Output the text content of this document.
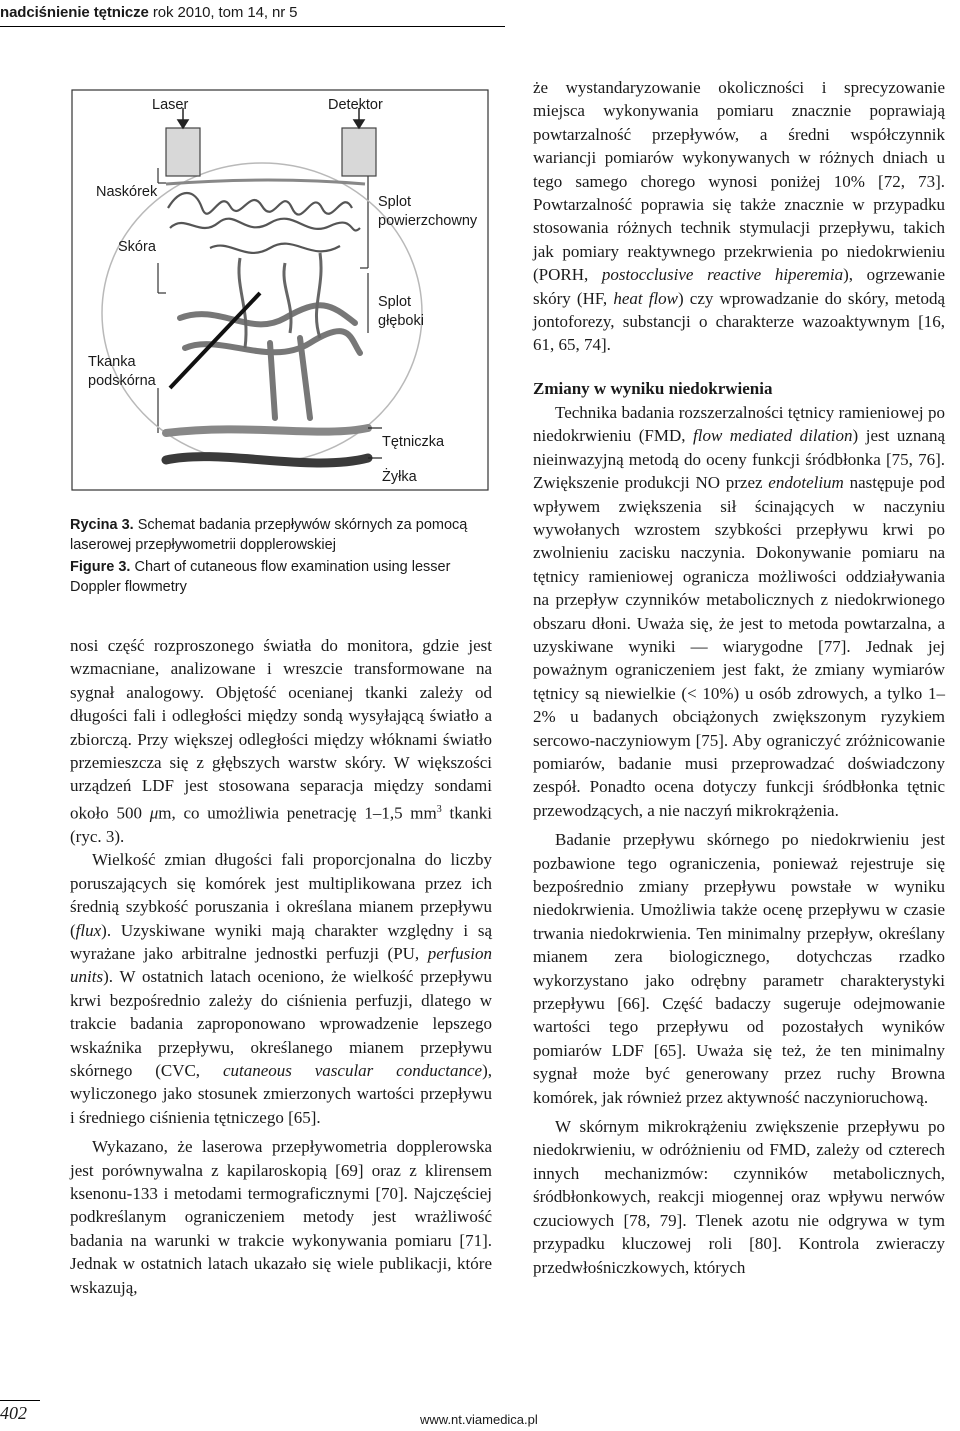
nadciśnienie tętnicze rok 2010, tom 14, nr 5
Laser	Detektor
Naskórek
Skóra
Tkanka
podskórna
Splot
powierzchowny
Splot
głęboki
Tętniczka
Żyłka

Rycina 3. Schemat badania przepływów skórnych za pomocą laserowej przepływometrii dopplerowskiej

Figure 3. Chart of cutaneous flow examination using lesser Doppler flowmetry

nosi część rozproszonego światła do monitora, gdzie jest wzmacniane, analizowane i wreszcie transformowane na sygnał analogowy. Objętość ocenianej tkanki zależy od długości fali i odległości między sondą wysyłającą światło a zbiorczą. Przy większej odległości między włóknami światło przemieszcza się z głębszych warstw skóry. W większości urządzeń LDF jest stosowana separacja między sondami około 500 μm, co umożliwia penetrację 1–1,5 $mm^3$ tkanki (ryc. 3).

Wielkość zmian długości fali proporcjonalna do liczby poruszających się komórek jest multiplikowana przez ich średnią szybkość poruszania i określana mianem przepływu (flux). Uzyskiwane wyniki mają charakter względny i są wyrażane jako arbitralne jednostki perfuzji (PU, perfusion units). W ostatnich latach oceniono, że wielkość przepływu krwi bezpośrednio zależy do ciśnienia perfuzji, dlatego w trakcie badania zaproponowano wprowadzenie lepszego wskaźnika przepływu, określanego mianem przepływu skórnego (CVC, cutaneous vascular conductance), wyliczonego jako stosunek zmierzonych wartości przepływu i średniego ciśnienia tętniczego [65].

Wykazano, że laserowa przepływometria dopplerowska jest porównywalna z kapilaroskopią [69] oraz z klirensem ksenonu-133 i metodami termograficznymi [70]. Najczęściej podkreślanym ograniczeniem metody jest wrażliwość badania na warunki w trakcie wykonywania pomiaru [71]. Jednak w ostatnich latach ukazało się wiele publikacji, które wskazują,

że wystandaryzowanie okoliczności i sprecyzowanie miejsca wykonywania pomiaru znacznie poprawiają powtarzalność przepływów, a średni współczynnik wariancji pomiarów wykonywanych w różnych dniach u tego samego chorego wynosi poniżej 10% [72, 73]. Powtarzalność poprawia się także znacznie w przypadku stosowania różnych technik stymulacji przepływu, takich jak pomiary reaktywnego przekrwienia po niedokrwieniu (PORH, postocclusive reactive hiperemia), ogrzewanie skóry (HF, heat flow) czy wprowadzanie do skóry, metodą jontoforezy, substancji o charakterze wazoaktywnym [16, 61, 65, 74].

Zmiany w wyniku niedokrwienia

Technika badania rozszerzalności tętnicy ramieniowej po niedokrwieniu (FMD, flow mediated dilation) jest uznaną nieinwazyjną metodą do oceny funkcji śródbłonka [75, 76]. Zwiększenie produkcji NO przez endotelium następuje pod wpływem zwiększenia sił ścinających w naczyniu wywołanych wzrostem szybkości przepływu krwi po zwolnieniu zacisku naczynia. Dokonywanie pomiaru na tętnicy ramieniowej ogranicza możliwości oddziaływania na przepływ czynników metabolicznych z niedokrwionego obszaru dłoni. Uważa się, że jest to metoda powtarzalna, a uzyskiwane wyniki — wiarygodne [77]. Jednak jej poważnym ograniczeniem jest fakt, że zmiany wymiarów tętnicy są niewielkie (< 10%) u osób zdrowych, a tylko 1–2% u badanych obciążonych zwiększonym ryzykiem sercowo-naczyniowym [75]. Aby ograniczyć zróżnicowanie pomiarów, badanie musi przeprowadzać doświadczony zespół. Ponadto ocena dotyczy funkcji śródbłonka tętnic przewodzących, a nie naczyń mikrokrążenia.

Badanie przepływu skórnego po niedokrwieniu jest pozbawione tego ograniczenia, ponieważ rejestruje się bezpośrednio zmiany przepływu powstałe w wyniku niedokrwienia. Umożliwia także ocenę przepływu w czasie trwania niedokrwienia. Ten minimalny przepływ, określany mianem zera biologicznego, dotychczas rzadko wykorzystano jako odrębny parametr charakterystyki przepływu [66]. Część badaczy sugeruje odejmowanie wartości tego przepływu od pozostałych wyników pomiarów LDF [65]. Uważa się też, że ten minimalny sygnał może być generowany przez ruchy Browna komórek, jak również przez aktywność naczynioruchową.

W skórnym mikrokrążeniu zwiększenie przepływu po niedokrwieniu, w odróżnieniu od FMD, zależy od czterech innych mechanizmów: czynników metabolicznych, śródbłonkowych, reakcji miogennej oraz wpływu nerwów czuciowych [78, 79]. Tlenek azotu nie odgrywa w tym przypadku kluczowej roli [80]. Kontrola zwieraczy przedwłośniczkowych, których

402	www.nt.viamedica.pl
